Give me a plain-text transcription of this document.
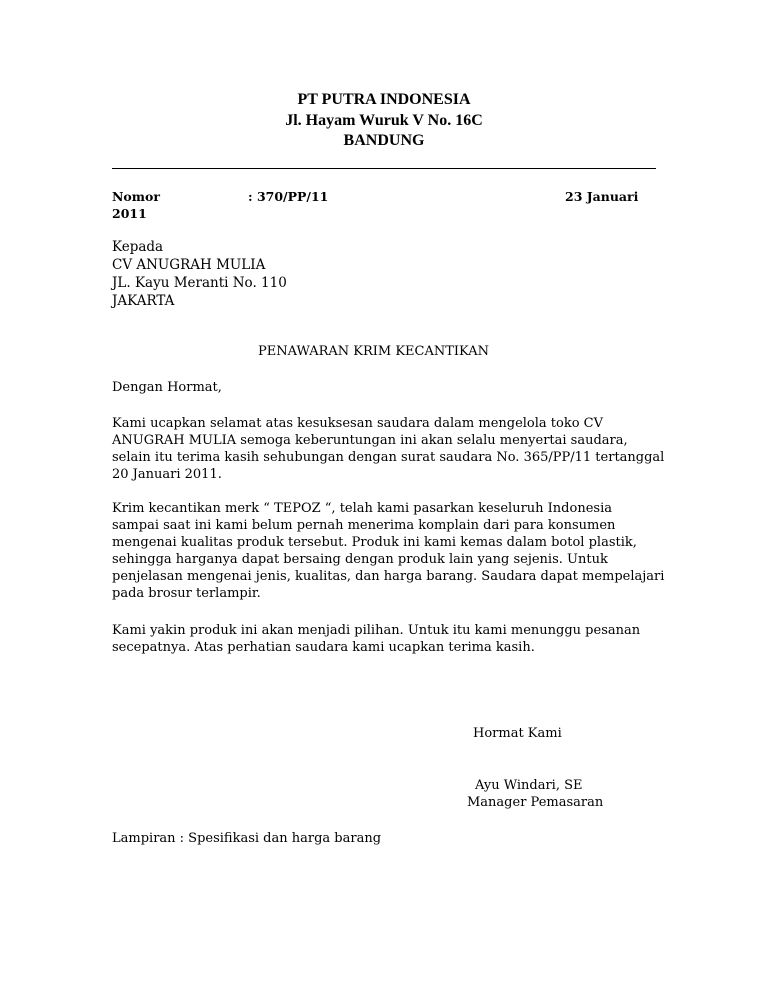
PT PUTRA INDONESIA
Jl. Hayam Wuruk V No. 16C
BANDUNG
Nomor	: 370/PP/11	23 Januari
2011
Kepada
CV ANUGRAH MULIA
JL. Kayu Meranti No. 110
JAKARTA
PENAWARAN KRIM KECANTIKAN
Dengan Hormat,
Kami ucapkan selamat atas kesuksesan saudara dalam mengelola toko CV
ANUGRAH MULIA semoga keberuntungan ini akan selalu menyertai saudara,
selain itu terima kasih sehubungan dengan surat saudara No. 365/PP/11 tertanggal
20 Januari 2011.
Krim kecantikan merk “ TEPOZ “, telah kami pasarkan keseluruh Indonesia
sampai saat ini kami belum pernah menerima komplain dari para konsumen
mengenai kualitas produk tersebut. Produk ini kami kemas dalam botol plastik,
sehingga harganya dapat bersaing dengan produk lain yang sejenis. Untuk
penjelasan mengenai jenis, kualitas, dan harga barang. Saudara dapat mempelajari
pada brosur terlampir.
Kami yakin produk ini akan menjadi pilihan. Untuk itu kami menunggu pesanan
secepatnya. Atas perhatian saudara kami ucapkan terima kasih.
Hormat Kami
Ayu Windari, SE
Manager Pemasaran
Lampiran : Spesifikasi dan harga barang
